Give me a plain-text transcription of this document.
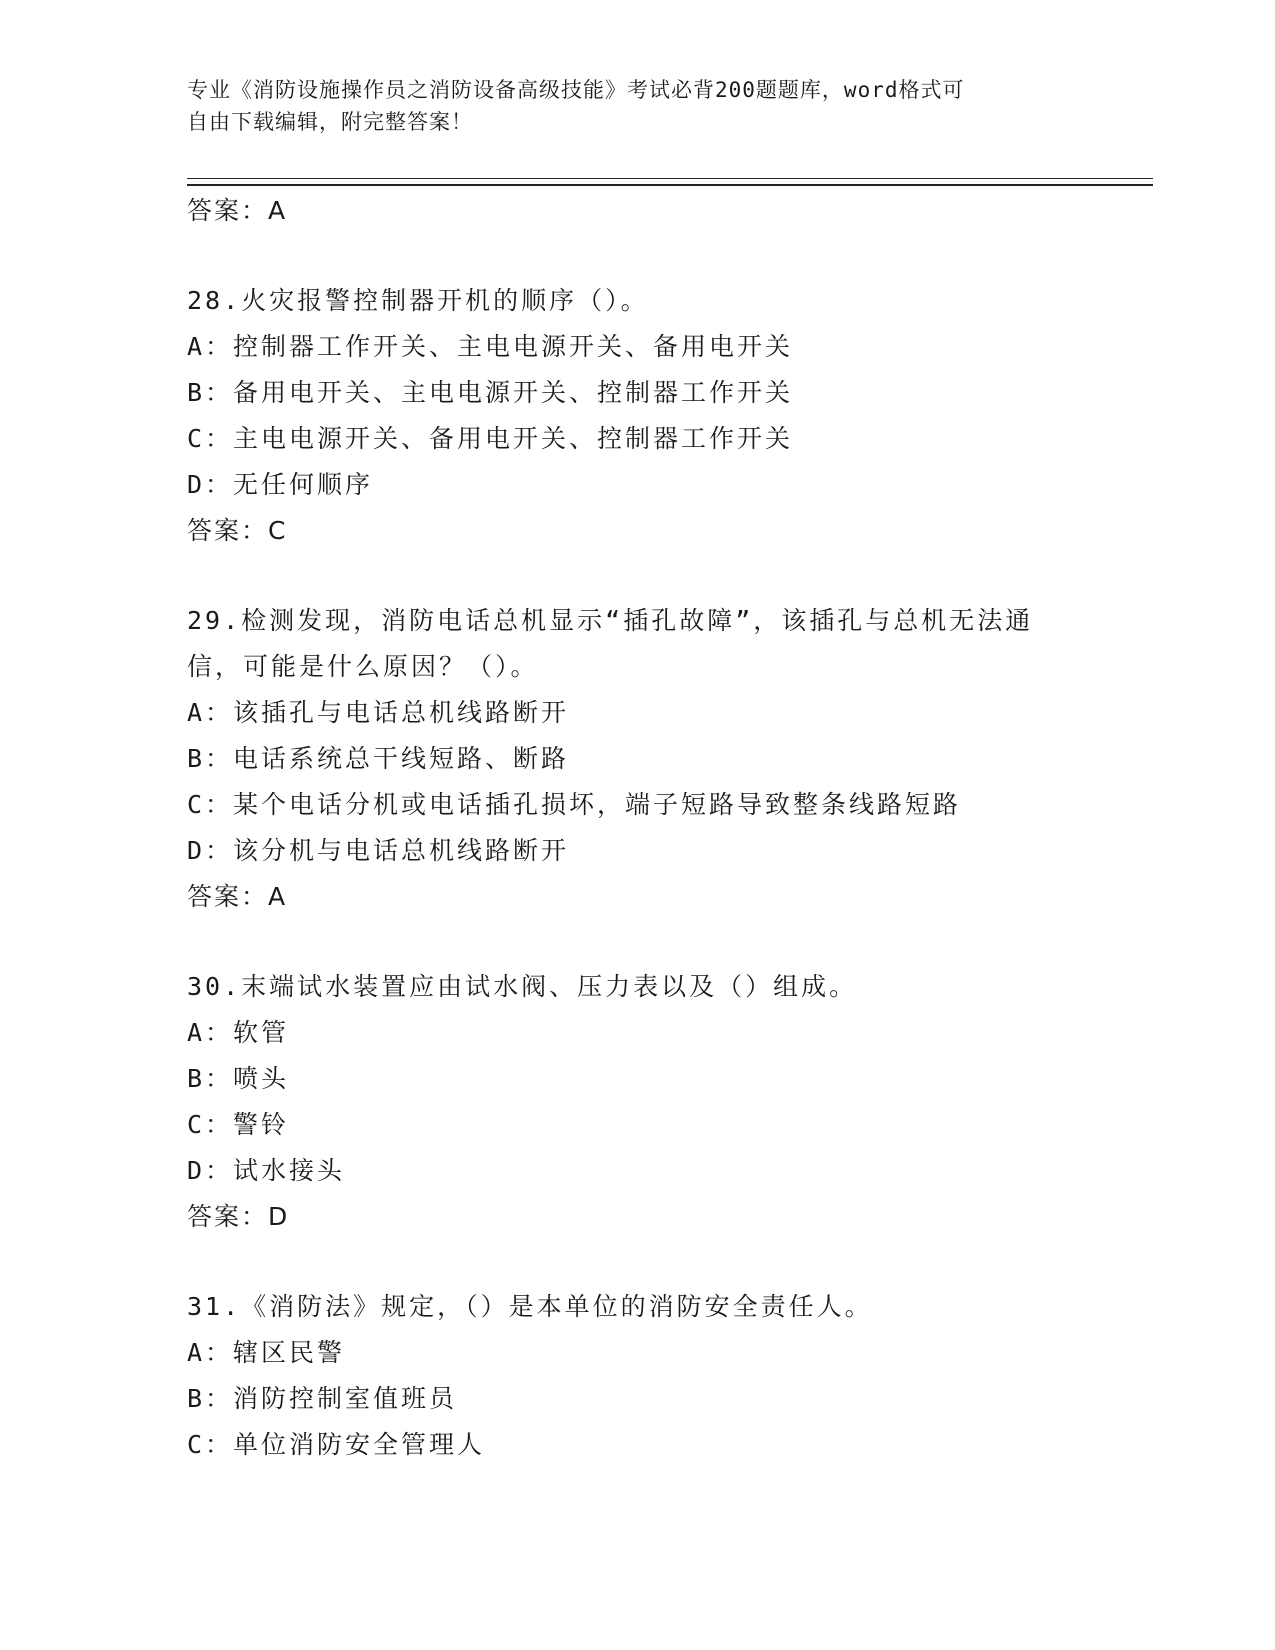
专业《消防设施操作员之消防设备高级技能》考试必背200题题库，word格式可
自由下载编辑，附完整答案！
答案：A
28.火灾报警控制器开机的顺序（）。
A：控制器工作开关、主电电源开关、备用电开关
B：备用电开关、主电电源开关、控制器工作开关
C：主电电源开关、备用电开关、控制器工作开关
D：无任何顺序
答案：C
29.检测发现，消防电话总机显示“插孔故障”，该插孔与总机无法通
信，可能是什么原因？（）。
A：该插孔与电话总机线路断开
B：电话系统总干线短路、断路
C：某个电话分机或电话插孔损坏，端子短路导致整条线路短路
D：该分机与电话总机线路断开
答案：A
30.末端试水装置应由试水阀、压力表以及（）组成。
A：软管
B：喷头
C：警铃
D：试水接头
答案：D
31.《消防法》规定，（）是本单位的消防安全责任人。
A：辖区民警
B：消防控制室值班员
C：单位消防安全管理人
